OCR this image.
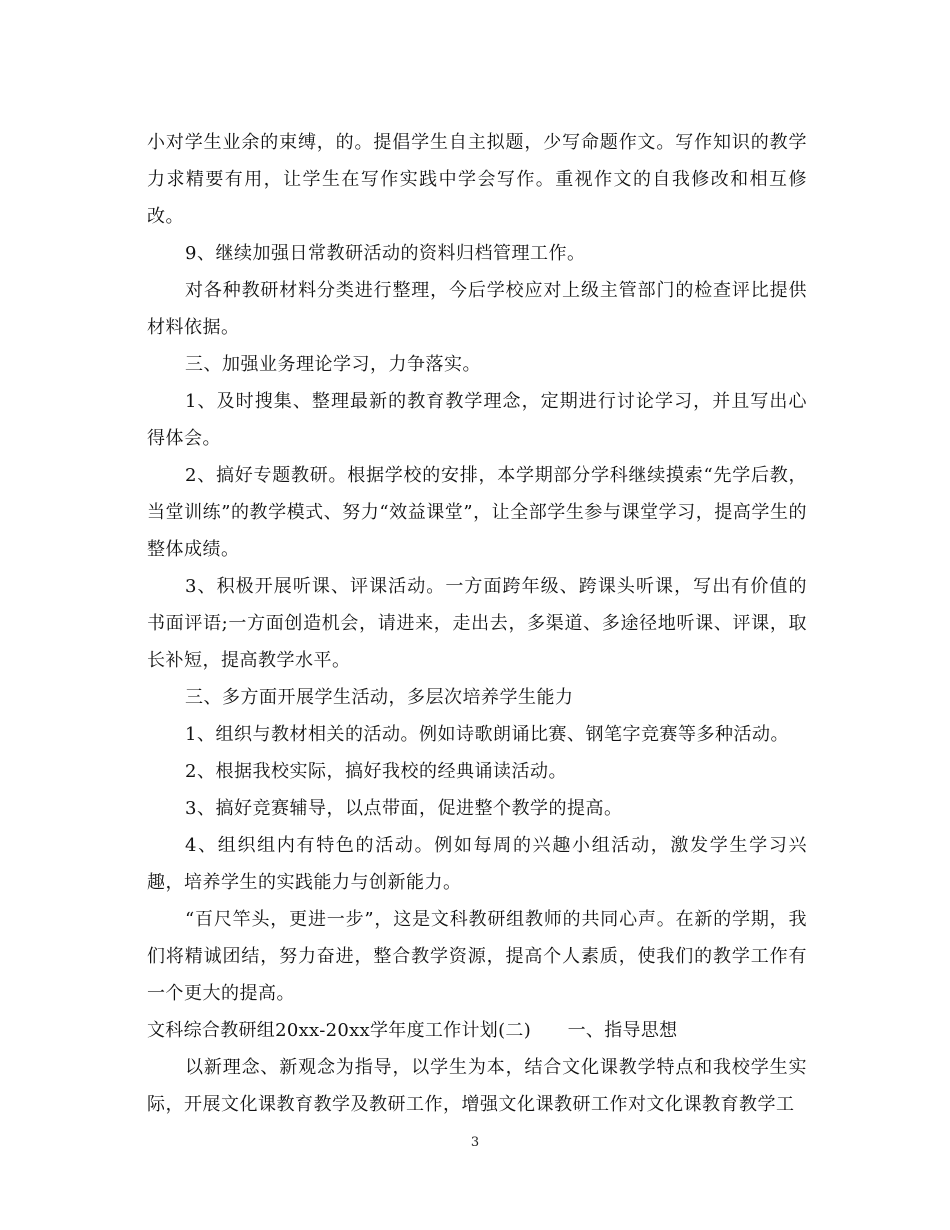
小对学生业余的束缚，的。提倡学生自主拟题，少写命题作文。写作知识的教学力求精要有用，让学生在写作实践中学会写作。重视作文的自我修改和相互修改。

9、继续加强日常教研活动的资料归档管理工作。

对各种教研材料分类进行整理，今后学校应对上级主管部门的检查评比提供材料依据。

三、加强业务理论学习，力争落实。

1、及时搜集、整理最新的教育教学理念，定期进行讨论学习，并且写出心得体会。

2、搞好专题教研。根据学校的安排，本学期部分学科继续摸索“先学后教，当堂训练”的教学模式、努力“效益课堂”，让全部学生参与课堂学习，提高学生的整体成绩。

3、积极开展听课、评课活动。一方面跨年级、跨课头听课，写出有价值的书面评语;一方面创造机会，请进来，走出去，多渠道、多途径地听课、评课，取长补短，提高教学水平。

三、多方面开展学生活动，多层次培养学生能力

1、组织与教材相关的活动。例如诗歌朗诵比赛、钢笔字竞赛等多种活动。

2、根据我校实际，搞好我校的经典诵读活动。

3、搞好竞赛辅导，以点带面，促进整个教学的提高。

4、组织组内有特色的活动。例如每周的兴趣小组活动，激发学生学习兴趣，培养学生的实践能力与创新能力。

“百尺竿头，更进一步”，这是文科教研组教师的共同心声。在新的学期，我们将精诚团结，努力奋进，整合教学资源，提高个人素质，使我们的教学工作有一个更大的提高。

文科综合教研组20xx-20xx学年度工作计划(二)　　一、指导思想

以新理念、新观念为指导，以学生为本，结合文化课教学特点和我校学生实际，开展文化课教育教学及教研工作，增强文化课教研工作对文化课教育教学工

3
